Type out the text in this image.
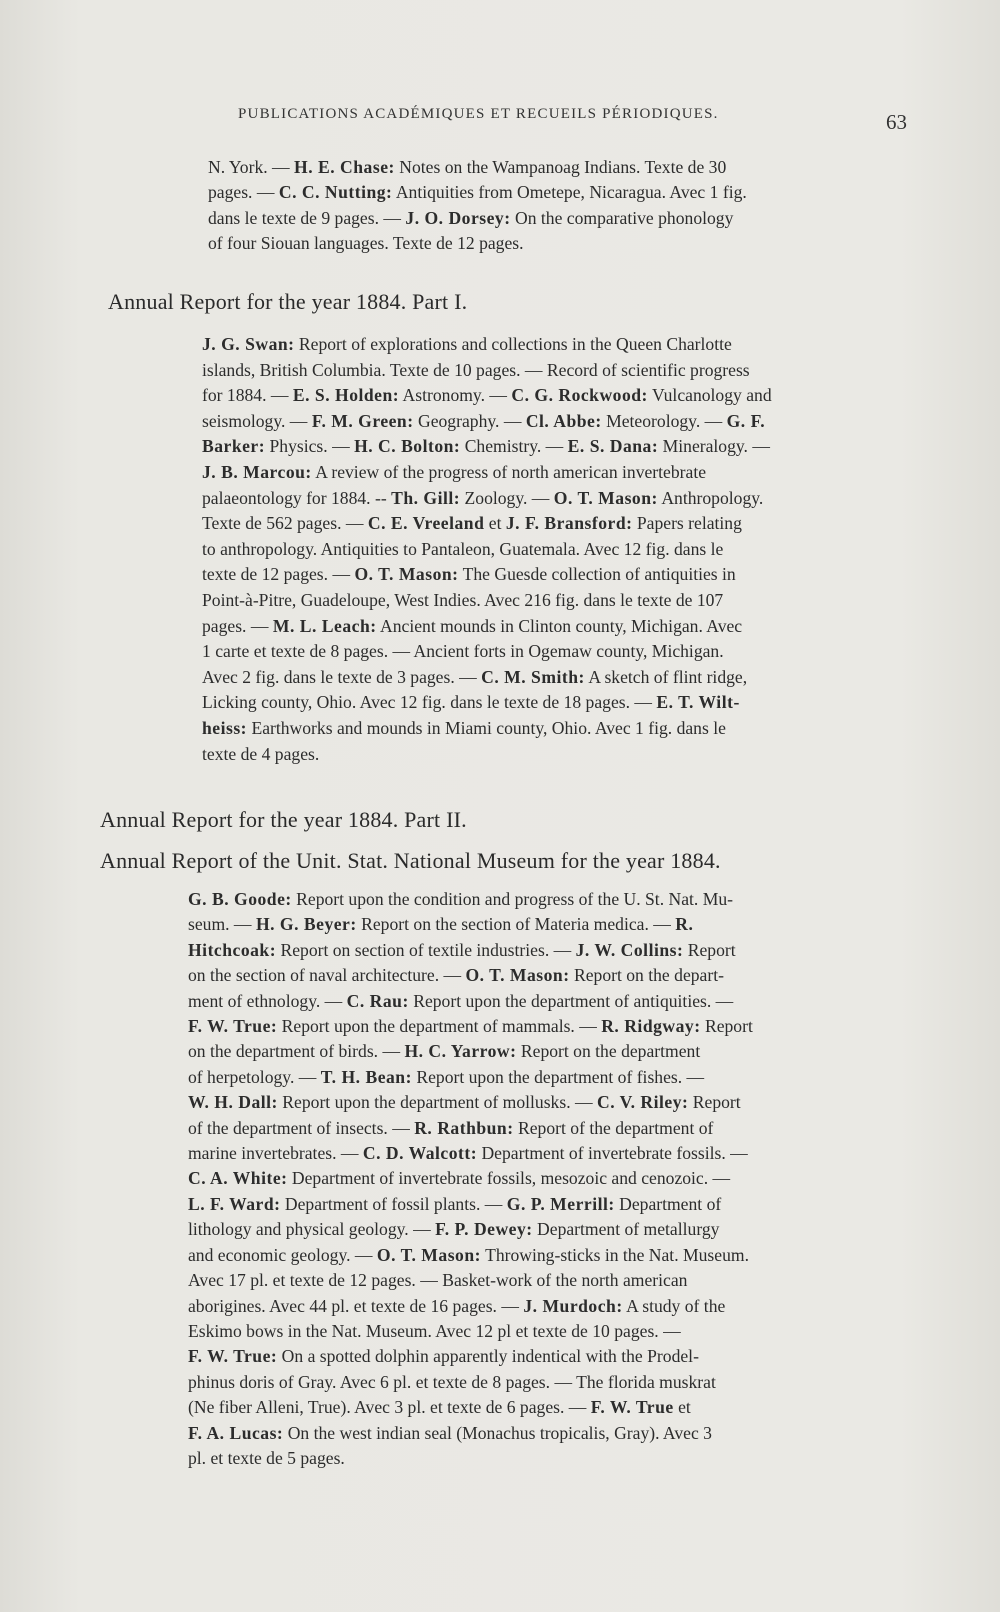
PUBLICATIONS ACADÉMIQUES ET RECUEILS PÉRIODIQUES.	63
N. York. — H. E. Chase: Notes on the Wampanoag Indians. Texte de 30
pages. — C. C. Nutting: Antiquities from Ometepe, Nicaragua. Avec 1 fig.
dans le texte de 9 pages. — J. O. Dorsey: On the comparative phonology
of four Siouan languages. Texte de 12 pages.
Annual Report for the year 1884. Part I.
J. G. Swan: Report of explorations and collections in the Queen Charlotte
islands, British Columbia. Texte de 10 pages. — Record of scientific progress
for 1884. — E. S. Holden: Astronomy. — C. G. Rockwood: Vulcanology and
seismology. — F. M. Green: Geography. — Cl. Abbe: Meteorology. — G. F.
Barker: Physics. — H. C. Bolton: Chemistry. — E. S. Dana: Mineralogy. —
J. B. Marcou: A review of the progress of north american invertebrate
palaeontology for 1884. -- Th. Gill: Zoology. — O. T. Mason: Anthropology.
Texte de 562 pages. — C. E. Vreeland et J. F. Bransford: Papers relating
to anthropology. Antiquities to Pantaleon, Guatemala. Avec 12 fig. dans le
texte de 12 pages. — O. T. Mason: The Guesde collection of antiquities in
Point-à-Pitre, Guadeloupe, West Indies. Avec 216 fig. dans le texte de 107
pages. — M. L. Leach: Ancient mounds in Clinton county, Michigan. Avec
1 carte et texte de 8 pages. — Ancient forts in Ogemaw county, Michigan.
Avec 2 fig. dans le texte de 3 pages. — C. M. Smith: A sketch of flint ridge,
Licking county, Ohio. Avec 12 fig. dans le texte de 18 pages. — E. T. Wilt-
heiss: Earthworks and mounds in Miami county, Ohio. Avec 1 fig. dans le
texte de 4 pages.
Annual Report for the year 1884. Part II.
Annual Report of the Unit. Stat. National Museum for the year 1884.
G. B. Goode: Report upon the condition and progress of the U. St. Nat. Mu-
seum. — H. G. Beyer: Report on the section of Materia medica. — R.
Hitchcoak: Report on section of textile industries. — J. W. Collins: Report
on the section of naval architecture. — O. T. Mason: Report on the depart-
ment of ethnology. — C. Rau: Report upon the department of antiquities. —
F. W. True: Report upon the department of mammals. — R. Ridgway: Report
on the department of birds. — H. C. Yarrow: Report on the department
of herpetology. — T. H. Bean: Report upon the department of fishes. —
W. H. Dall: Report upon the department of mollusks. — C. V. Riley: Report
of the department of insects. — R. Rathbun: Report of the department of
marine invertebrates. — C. D. Walcott: Department of invertebrate fossils. —
C. A. White: Department of invertebrate fossils, mesozoic and cenozoic. —
L. F. Ward: Department of fossil plants. — G. P. Merrill: Department of
lithology and physical geology. — F. P. Dewey: Department of metallurgy
and economic geology. — O. T. Mason: Throwing-sticks in the Nat. Museum.
Avec 17 pl. et texte de 12 pages. — Basket-work of the north american
aborigines. Avec 44 pl. et texte de 16 pages. — J. Murdoch: A study of the
Eskimo bows in the Nat. Museum. Avec 12 pl et texte de 10 pages. —
F. W. True: On a spotted dolphin apparently indentical with the Prodel-
phinus doris of Gray. Avec 6 pl. et texte de 8 pages. — The florida muskrat
(Ne fiber Alleni, True). Avec 3 pl. et texte de 6 pages. — F. W. True et
F. A. Lucas: On the west indian seal (Monachus tropicalis, Gray). Avec 3
pl. et texte de 5 pages.
